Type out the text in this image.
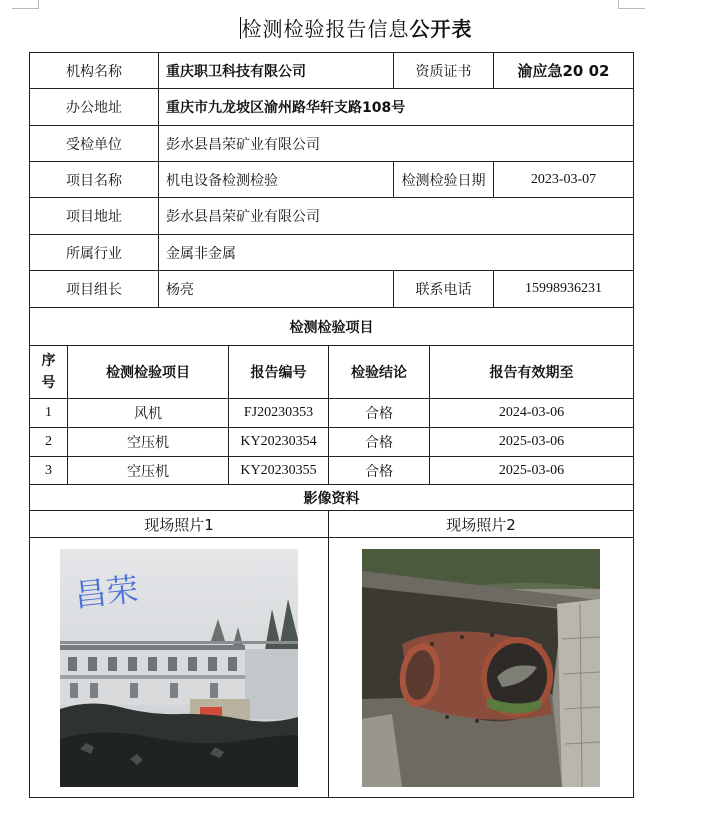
检测检验报告信息公开表
机构名称		重庆职卫科技有限公司			资质证书		渝应急20 02
办公地址		重庆市九龙坡区渝州路华轩支路108号					
受检单位		彭水县昌荣矿业有限公司					
项目名称		机电设备检测检验			检测检验日期		2023-03-07
项目地址		彭水县昌荣矿业有限公司					
所属行业		金属非金属					
项目组长		杨亮			联系电话		15998936231
检测检验项目							
序
号	检测检验项目		报告编号	检验结论		报告有效期至	
1	风机		FJ20230353	合格		2024-03-06	
2	空压机		KY20230354	合格		2025-03-06	
3	空压机		KY20230355	合格		2025-03-06	
影像资料							
现场照片1				现场照片2			

昌荣
